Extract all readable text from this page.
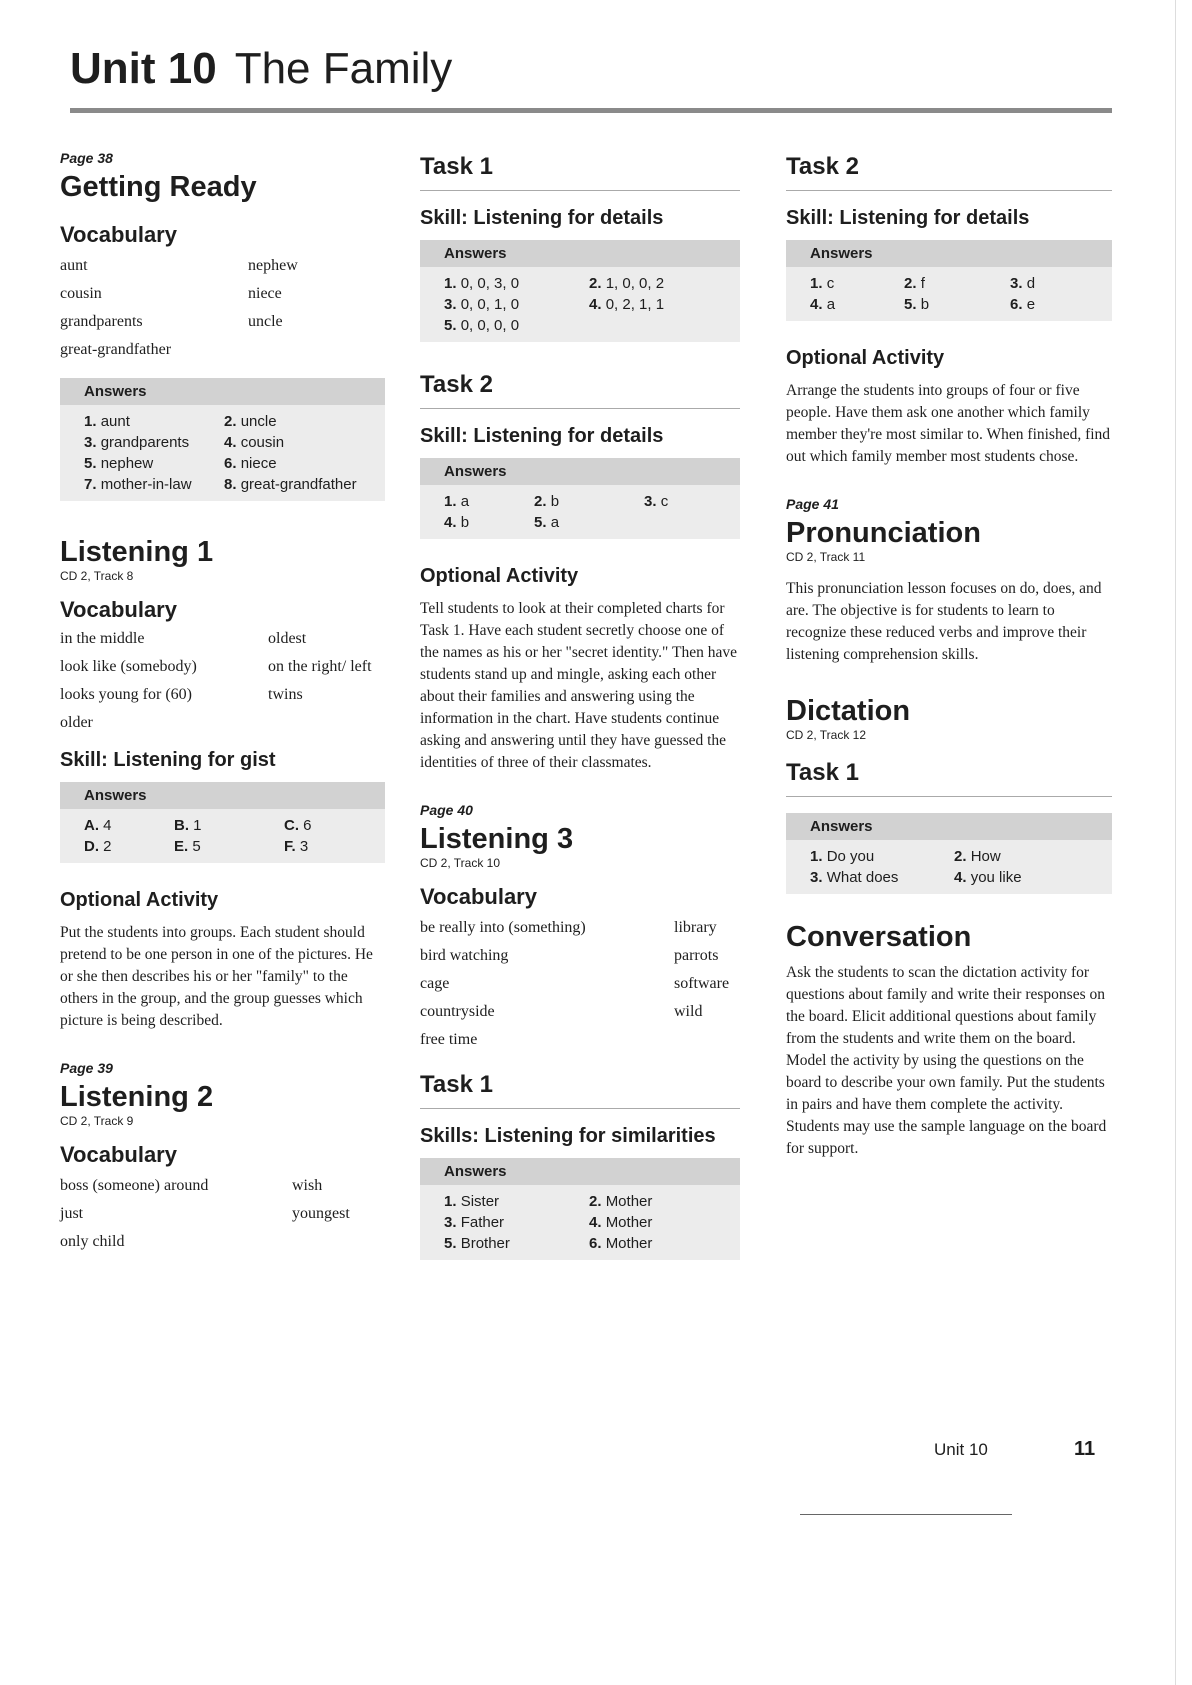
Unit 10 The Family

Page 38

Getting Ready

Vocabulary

aunt	nephew
cousin	niece
grandparents	uncle
great-grandfather
Answers
1. aunt	2. uncle
3. grandparents	4. cousin
5. nephew	6. niece
7. mother-in-law	8. great-grandfather

Listening 1

CD 2, Track 8

Vocabulary

in the middle	oldest
look like (somebody)	on the right/ left
looks young for (60)	twins
older

Skill: Listening for gist

Answers
A. 4	B. 1	C. 6
D. 2	E. 5	F. 3

Optional Activity

Put the students into groups. Each student should pretend to be one person in one of the pictures. He or she then describes his or her "family" to the others in the group, and the group guesses which picture is being described.

Page 39

Listening 2

CD 2, Track 9

Vocabulary

boss (someone) around	wish
just	youngest
only child

Task 1

Skill: Listening for details

Answers
1. 0, 0, 3, 0	2. 1, 0, 0, 2
3. 0, 0, 1, 0	4. 0, 2, 1, 1
5. 0, 0, 0, 0

Task 2

Skill: Listening for details

Answers
1. a	2. b	3. c
4. b	5. a

Optional Activity

Tell students to look at their completed charts for Task 1. Have each student secretly choose one of the names as his or her "secret identity." Then have students stand up and mingle, asking each other about their families and answering using the information in the chart. Have students continue asking and answering until they have guessed the identities of three of their classmates.

Page 40

Listening 3

CD 2, Track 10

Vocabulary

be really into (something)	library
bird watching	parrots
cage	software
countryside	wild
free time

Task 1

Skills: Listening for similarities

Answers
1. Sister	2. Mother
3. Father	4. Mother
5. Brother	6. Mother

Task 2

Skill: Listening for details

Answers
1. c	2. f	3. d
4. a	5. b	6. e

Optional Activity

Arrange the students into groups of four or five people. Have them ask one another which family member they're most similar to. When finished, find out which family member most students chose.

Page 41

Pronunciation

CD 2, Track 11

This pronunciation lesson focuses on do, does, and are. The objective is for students to learn to recognize these reduced verbs and improve their listening comprehension skills.

Dictation

CD 2, Track 12

Task 1

Answers
1. Do you	2. How
3. What does	4. you like

Conversation

Ask the students to scan the dictation activity for questions about family and write their responses on the board. Elicit additional questions about family from the students and write them on the board. Model the activity by using the questions on the board to describe your own family. Put the students in pairs and have them complete the activity. Students may use the sample language on the board for support.

Unit 10	11
